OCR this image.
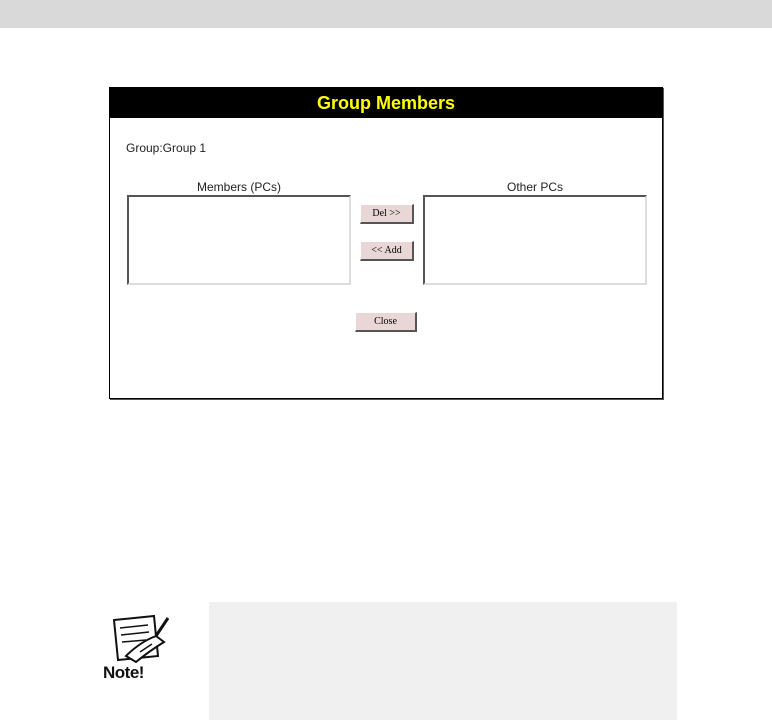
Group Members
Group:Group 1
Members (PCs)	Other PCs
Del >>
<< Add
Close
Note!
